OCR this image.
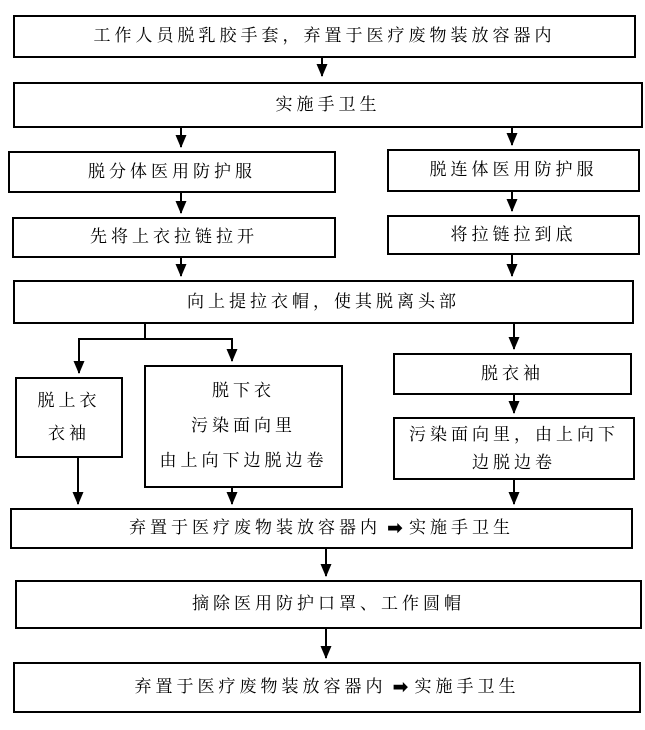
工作人员脱乳胶手套，弃置于医疗废物装放容器内
实施手卫生
脱分体医用防护服	脱连体医用防护服
先将上衣拉链拉开	将拉链拉到底
向上提拉衣帽，使其脱离头部
脱上衣
衣袖
脱下衣
污染面向里
由上向下边脱边卷
脱衣袖
污染面向里，由上向下
边脱边卷
弃置于医疗废物装放容器内 ➡ 实施手卫生
摘除医用防护口罩、工作圆帽
弃置于医疗废物装放容器内 ➡ 实施手卫生
